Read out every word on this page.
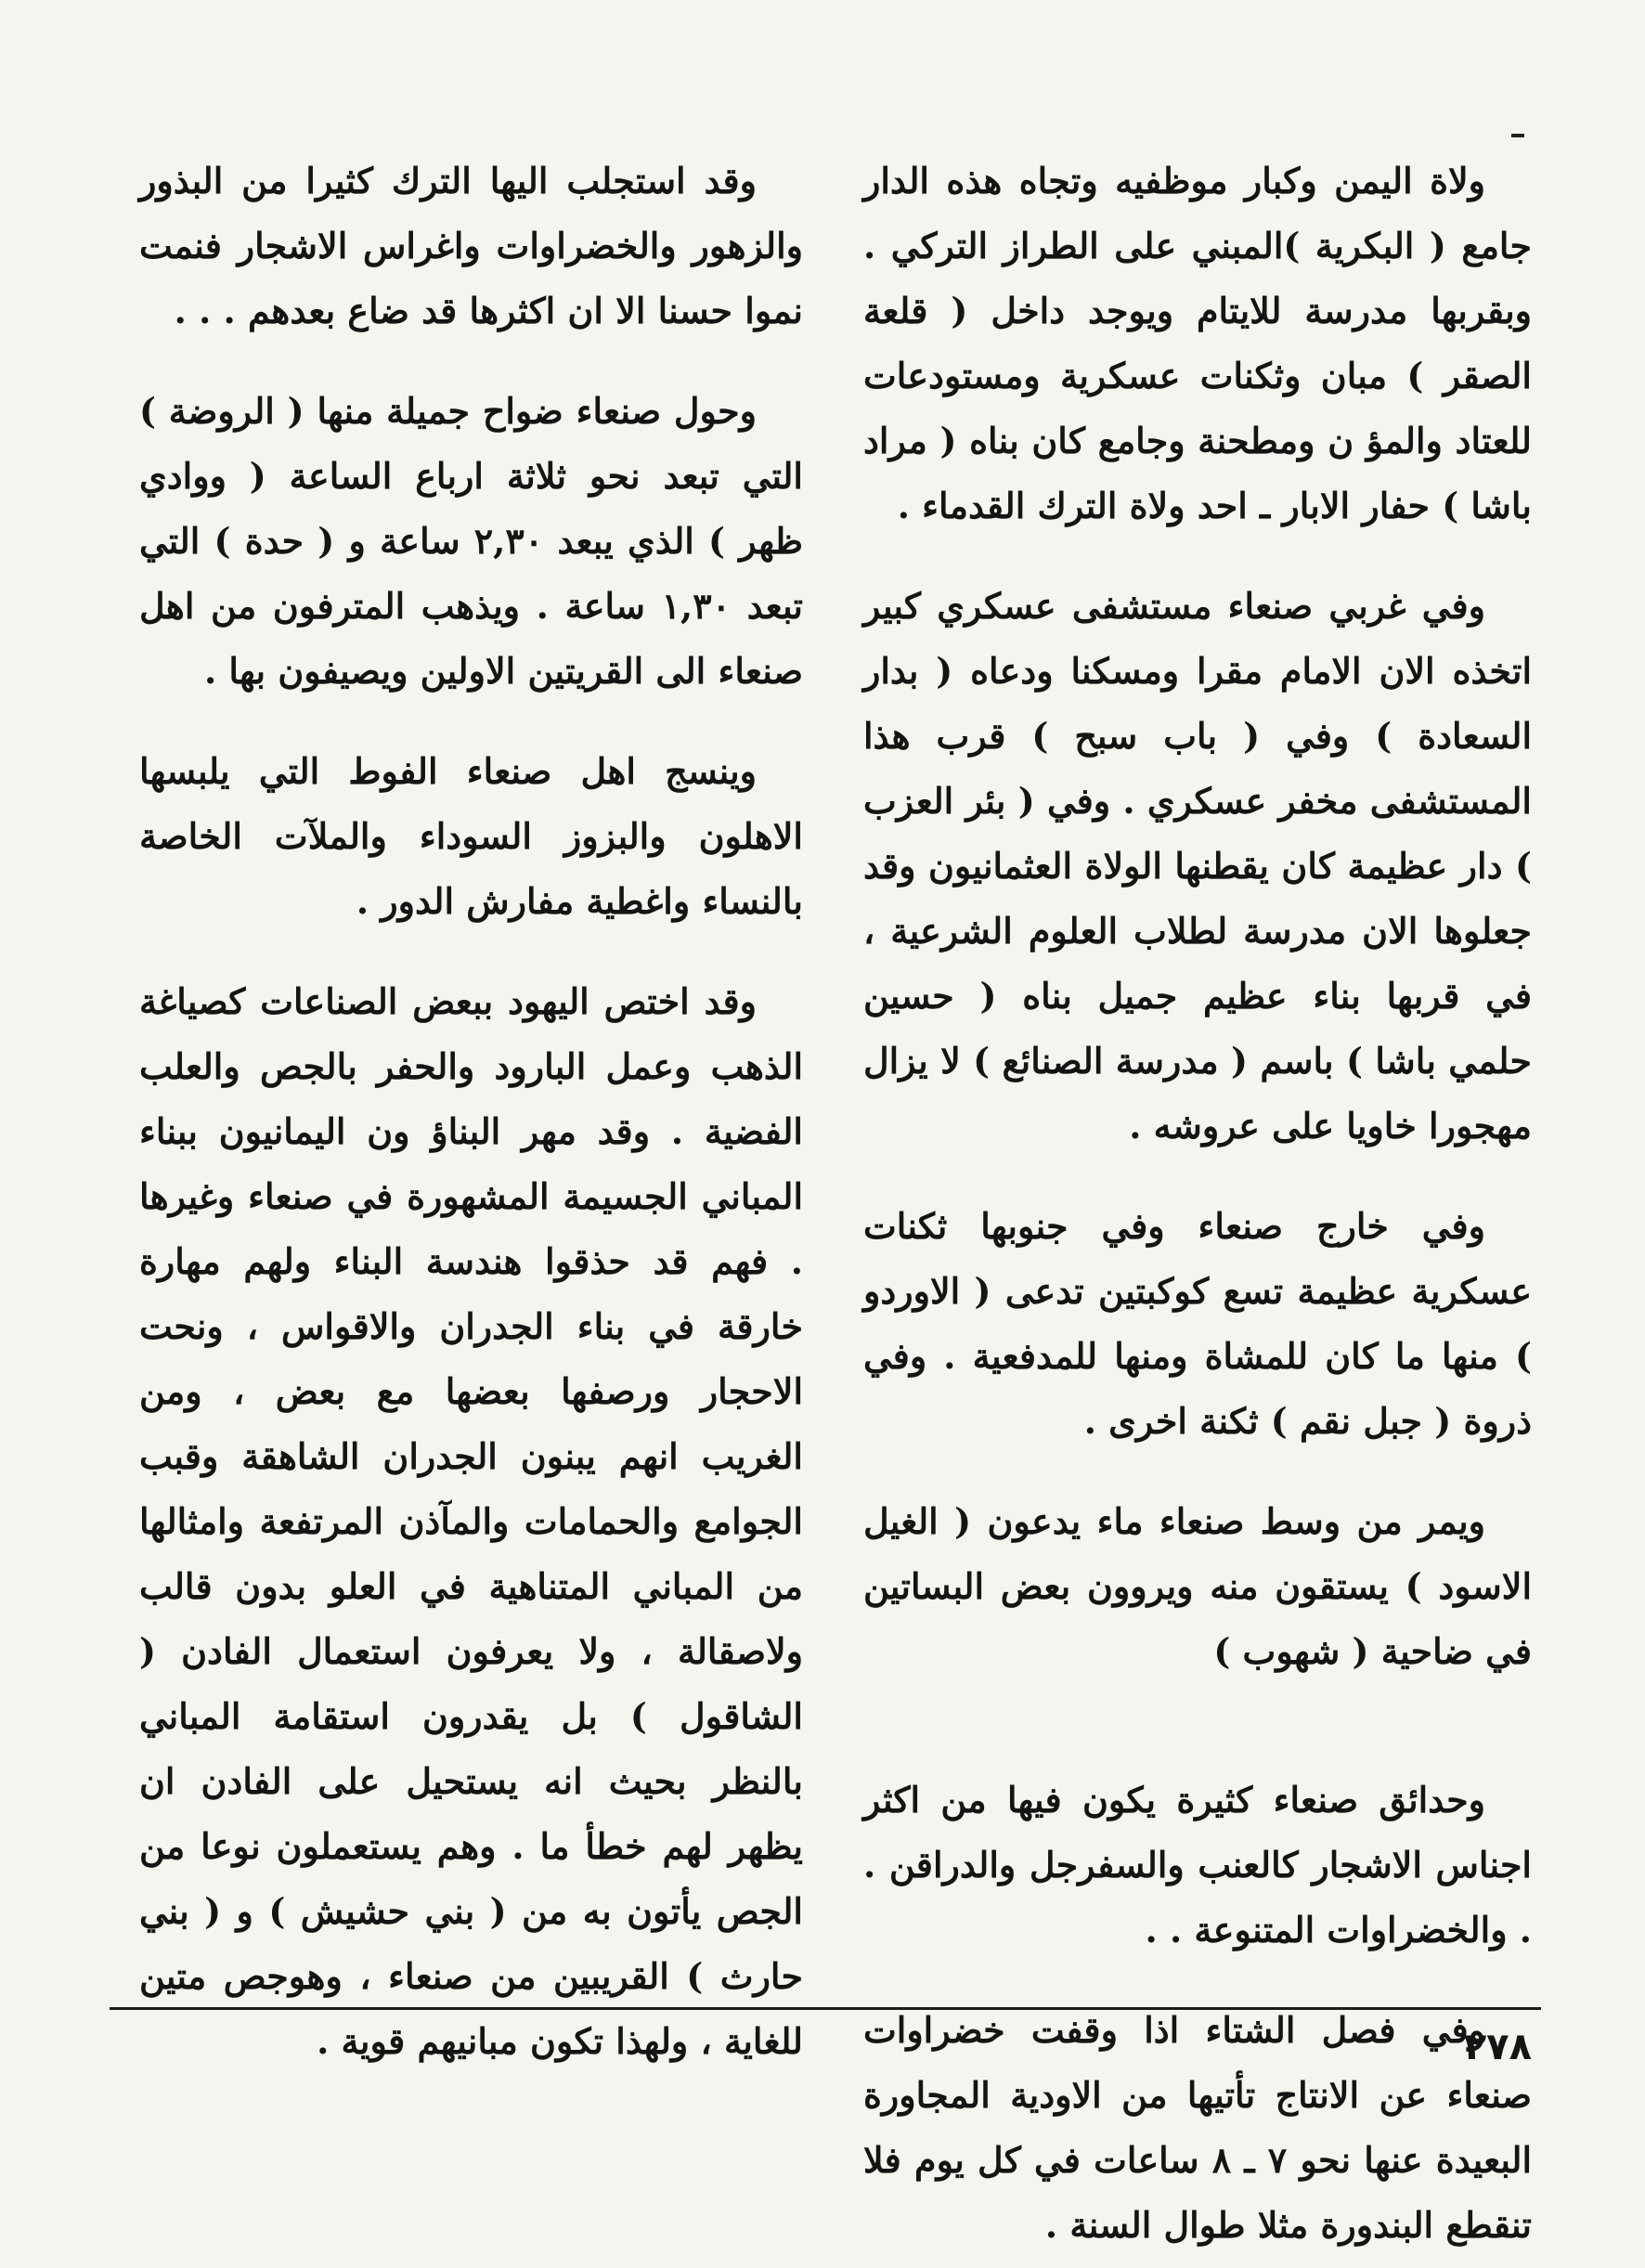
ولاة اليمن وكبار موظفيه وتجاه هذه الدار جامع ( البكرية )المبني على الطراز التركي . وبقربها مدرسة للايتام ويوجد داخل ( قلعة الصقر ) مبان وثكنات عسكرية ومستودعات للعتاد والمؤ ن ومطحنة وجامع كان بناه ( مراد باشا ) حفار الابار ـ احد ولاة الترك القدماء .

وفي غربي صنعاء مستشفى عسكري كبير اتخذه الان الامام مقرا ومسكنا ودعاه ( بدار السعادة ) وفي ( باب سبح ) قرب هذا المستشفى مخفر عسكري . وفي ( بئر العزب ) دار عظيمة كان يقطنها الولاة العثمانيون وقد جعلوها الان مدرسة لطلاب العلوم الشرعية ، في قربها بناء عظيم جميل بناه ( حسين حلمي باشا ) باسم ( مدرسة الصنائع ) لا يزال مهجورا خاويا على عروشه .

وفي خارج صنعاء وفي جنوبها ثكنات عسكرية عظيمة تسع كوكبتين تدعى ( الاوردو ) منها ما كان للمشاة ومنها للمدفعية . وفي ذروة ( جبل نقم ) ثكنة اخرى .

ويمر من وسط صنعاء ماء يدعون ( الغيل الاسود ) يستقون منه ويروون بعض البساتين في ضاحية ( شهوب )

وحدائق صنعاء كثيرة يكون فيها من اكثر اجناس الاشجار كالعنب والسفرجل والدراقن . . والخضراوات المتنوعة . .

وفي فصل الشتاء اذا وقفت خضراوات صنعاء عن الانتاج تأتيها من الاودية المجاورة البعيدة عنها نحو ٧ ـ ٨ ساعات في كل يوم فلا تنقطع البندورة مثلا طوال السنة .

وقد استجلب اليها الترك كثيرا من البذور والزهور والخضراوات واغراس الاشجار فنمت نموا حسنا الا ان اكثرها قد ضاع بعدهم . . .

وحول صنعاء ضواح جميلة منها ( الروضة ) التي تبعد نحو ثلاثة ارباع الساعة ( ووادي ظهر ) الذي يبعد ٢,٣٠ ساعة و ( حدة ) التي تبعد ١,٣٠ ساعة . ويذهب المترفون من اهل صنعاء الى القريتين الاولين ويصيفون بها .

وينسج اهل صنعاء الفوط التي يلبسها الاهلون والبزوز السوداء والملآت الخاصة بالنساء واغطية مفارش الدور .

وقد اختص اليهود ببعض الصناعات كصياغة الذهب وعمل البارود والحفر بالجص والعلب الفضية . وقد مهر البناؤ ون اليمانيون ببناء المباني الجسيمة المشهورة في صنعاء وغيرها . فهم قد حذقوا هندسة البناء ولهم مهارة خارقة في بناء الجدران والاقواس ، ونحت الاحجار ورصفها بعضها مع بعض ، ومن الغريب انهم يبنون الجدران الشاهقة وقبب الجوامع والحمامات والمآذن المرتفعة وامثالها من المباني المتناهية في العلو بدون قالب ولاصقالة ، ولا يعرفون استعمال الفادن ( الشاقول ) بل يقدرون استقامة المباني بالنظر بحيث انه يستحيل على الفادن ان يظهر لهم خطأ ما . وهم يستعملون نوعا من الجص يأتون به من ( بني حشيش ) و ( بني حارث ) القريبين من صنعاء ، وهوجص متين للغاية ، ولهذا تكون مبانيهم قوية .	٢٧٨
